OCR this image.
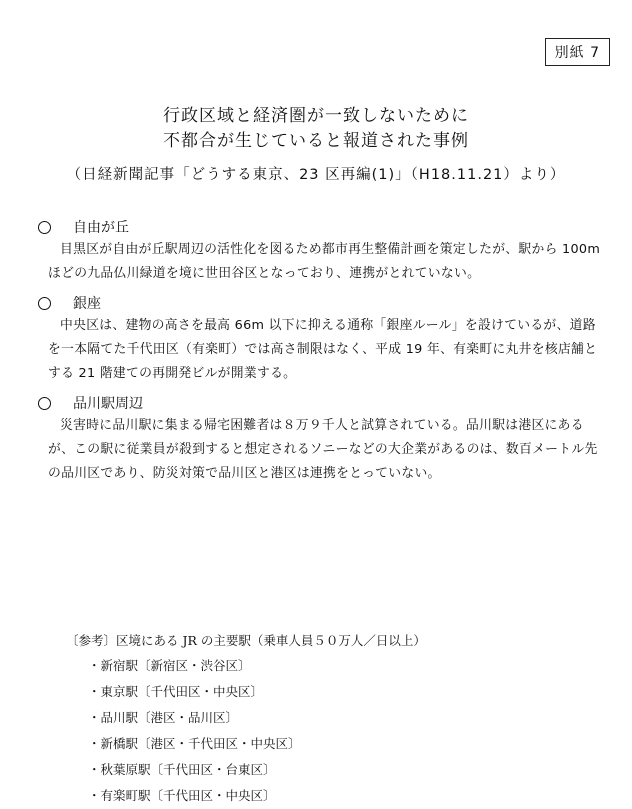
別紙 7
行政区域と経済圏が一致しないために
不都合が生じていると報道された事例
（日経新聞記事「どうする東京、23 区再編(1)」（H18.11.21）より）
自由が丘
目黒区が自由が丘駅周辺の活性化を図るため都市再生整備計画を策定したが、駅から 100m ほどの九品仏川緑道を境に世田谷区となっており、連携がとれていない。
銀座
中央区は、建物の高さを最高 66m 以下に抑える通称「銀座ルール」を設けているが、道路を一本隔てた千代田区（有楽町）では高さ制限はなく、平成 19 年、有楽町に丸井を核店舗とする 21 階建ての再開発ビルが開業する。
品川駅周辺
災害時に品川駅に集まる帰宅困難者は８万９千人と試算されている。品川駅は港区にあるが、この駅に従業員が殺到すると想定されるソニーなどの大企業があるのは、数百メートル先の品川区であり、防災対策で品川区と港区は連携をとっていない。
〔参考〕区境にある JR の主要駅（乗車人員５０万人／日以上）
・新宿駅〔新宿区・渋谷区〕
・東京駅〔千代田区・中央区〕
・品川駅〔港区・品川区〕
・新橋駅〔港区・千代田区・中央区〕
・秋葉原駅〔千代田区・台東区〕
・有楽町駅〔千代田区・中央区〕
